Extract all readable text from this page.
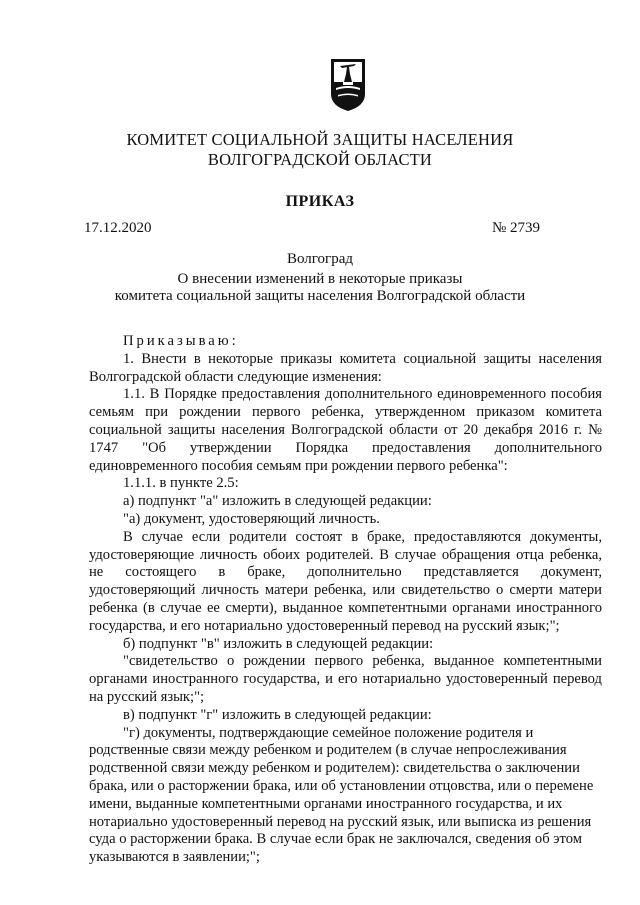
КОМИТЕТ СОЦИАЛЬНОЙ ЗАЩИТЫ НАСЕЛЕНИЯ
ВОЛГОГРАДСКОЙ ОБЛАСТИ
ПРИКАЗ
17.12.2020	№ 2739
Волгоград
О внесении изменений в некоторые приказы
комитета социальной защиты населения Волгоградской области

Приказываю:

1. Внести в некоторые приказы комитета социальной защиты населения Волгоградской области следующие изменения:

1.1. В Порядке предоставления дополнительного единовременного пособия семьям при рождении первого ребенка, утвержденном приказом комитета социальной защиты населения Волгоградской области от 20 декабря 2016 г. № 1747 "Об утверждении Порядка предоставления дополнительного единовременного пособия семьям при рождении первого ребенка":

1.1.1. в пункте 2.5:

а) подпункт "а" изложить в следующей редакции:

"а) документ, удостоверяющий личность.

В случае если родители состоят в браке, предоставляются документы, удостоверяющие личность обоих родителей. В случае обращения отца ребенка, не состоящего в браке, дополнительно представляется документ, удостоверяющий личность матери ребенка, или свидетельство о смерти матери ребенка (в случае ее смерти), выданное компетентными органами иностранного государства, и его нотариально удостоверенный перевод на русский язык;";

б) подпункт "в" изложить в следующей редакции:

"свидетельство о рождении первого ребенка, выданное компетентными органами иностранного государства, и его нотариально удостоверенный перевод на русский язык;";

в) подпункт "г" изложить в следующей редакции:

"г) документы, подтверждающие семейное положение родителя и родственные связи между ребенком и родителем (в случае непрослеживания родственной связи между ребенком и родителем): свидетельства о заключении брака, или о расторжении брака, или об установлении отцовства, или о перемене имени, выданные компетентными органами иностранного государства, и их нотариально удостоверенный перевод на русский язык, или выписка из решения суда о расторжении брака. В случае если брак не заключался, сведения об этом указываются в заявлении;";
